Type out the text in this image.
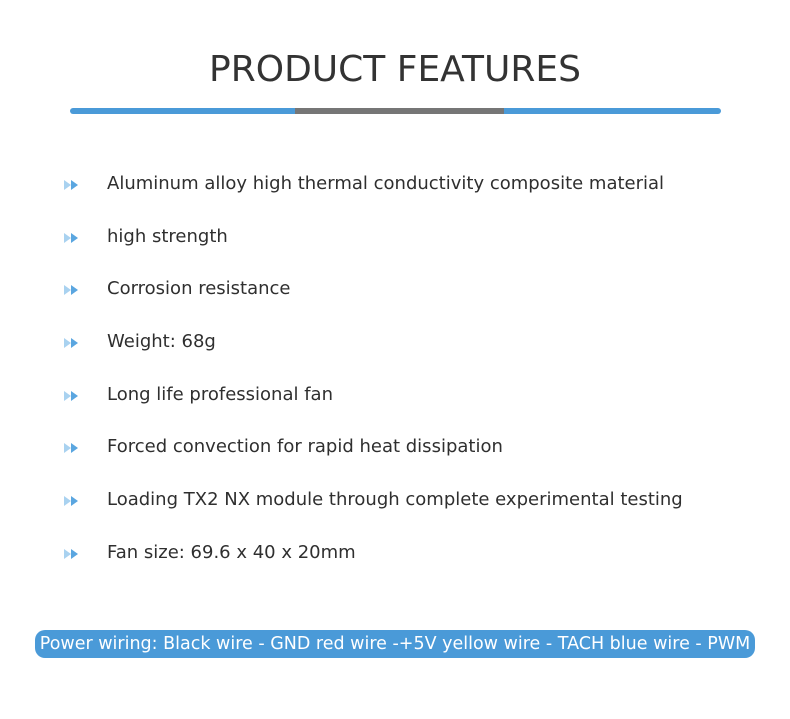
PRODUCT FEATURES
Aluminum alloy high thermal conductivity composite material
high strength
Corrosion resistance
Weight: 68g
Long life professional fan
Forced convection for rapid heat dissipation
Loading TX2 NX module through complete experimental testing
Fan size: 69.6 x 40 x 20mm
Power wiring: Black wire - GND red wire -+5V yellow wire - TACH blue wire - PWM
